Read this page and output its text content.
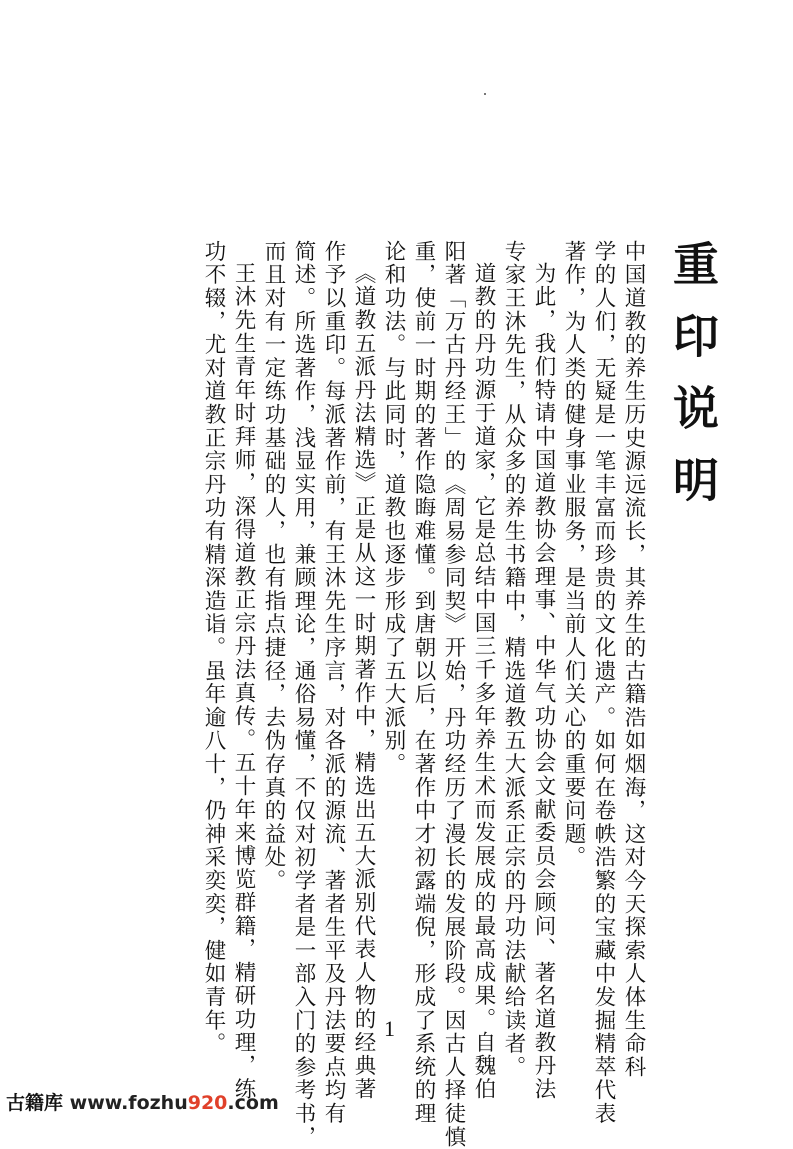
重印说明
中国道教的养生历史源远流长，其养生的古籍浩如烟海，这对今天探索人体生命科
学的人们，无疑是一笔丰富而珍贵的文化遗产。如何在卷帙浩繁的宝藏中发掘精萃代表
著作，为人类的健身事业服务，是当前人们关心的重要问题。
为此，我们特请中国道教协会理事、中华气功协会文献委员会顾问、著名道教丹法
专家王沐先生，从众多的养生书籍中，精选道教五大派系正宗的丹功法献给读者。
道教的丹功源于道家，它是总结中国三千多年养生术而发展成的最高成果。自魏伯
阳著「万古丹经王」的《周易参同契》开始，丹功经历了漫长的发展阶段。因古人择徒慎
重，使前一时期的著作隐晦难懂。到唐朝以后，在著作中才初露端倪，形成了系统的理
论和功法。与此同时，道教也逐步形成了五大派别。
《道教五派丹法精选》正是从这一时期著作中，精选出五大派别代表人物的经典著
作予以重印。每派著作前，有王沐先生序言，对各派的源流、著者生平及丹法要点均有
简述。所选著作，浅显实用，兼顾理论，通俗易懂，不仅对初学者是一部入门的参考书，
而且对有一定练功基础的人，也有指点捷径，去伪存真的益处。
王沐先生青年时拜师，深得道教正宗丹法真传。五十年来博览群籍，精研功理，练
功不辍，尤对道教正宗丹功有精深造诣。虽年逾八十，仍神采奕奕，健如青年。	1
古籍库 www.fozhu920.com
